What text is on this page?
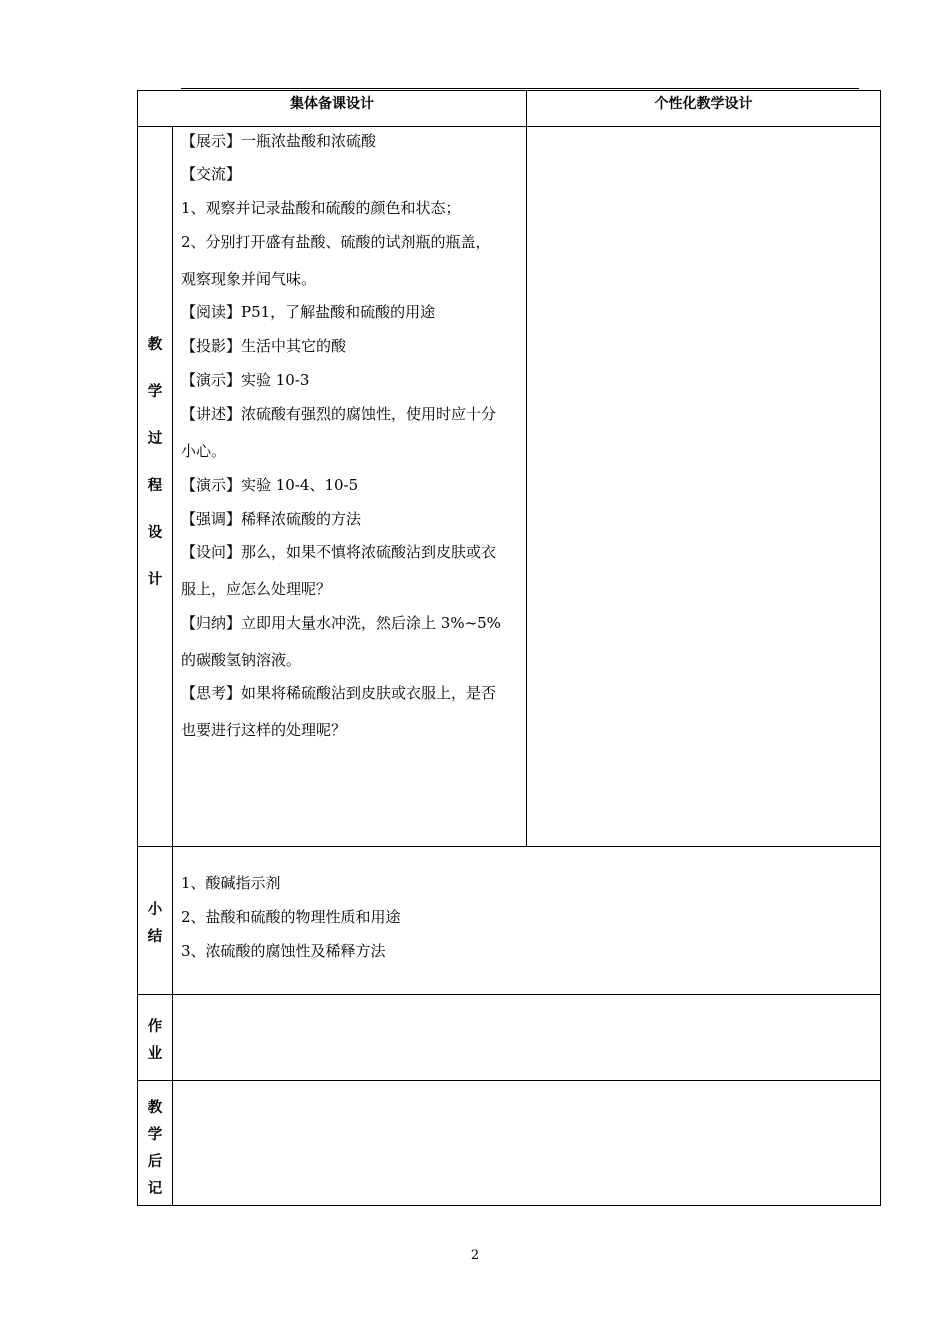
集体备课设计	个性化教学设计
教
学
过
程
设
计
【展示】一瓶浓盐酸和浓硫酸
【交流】
1、观察并记录盐酸和硫酸的颜色和状态；
2、分别打开盛有盐酸、硫酸的试剂瓶的瓶盖，
观察现象并闻气味。
【阅读】P51，了解盐酸和硫酸的用途
【投影】生活中其它的酸
【演示】实验 10-3
【讲述】浓硫酸有强烈的腐蚀性，使用时应十分
小心。
【演示】实验 10-4、10-5
【强调】稀释浓硫酸的方法
【设问】那么，如果不慎将浓硫酸沾到皮肤或衣
服上，应怎么处理呢？
【归纳】立即用大量水冲洗，然后涂上 3%~5%
的碳酸氢钠溶液。
【思考】如果将稀硫酸沾到皮肤或衣服上，是否
也要进行这样的处理呢？
小
结
1、酸碱指示剂
2、盐酸和硫酸的物理性质和用途
3、浓硫酸的腐蚀性及稀释方法
作
业
教
学
后
记
2
